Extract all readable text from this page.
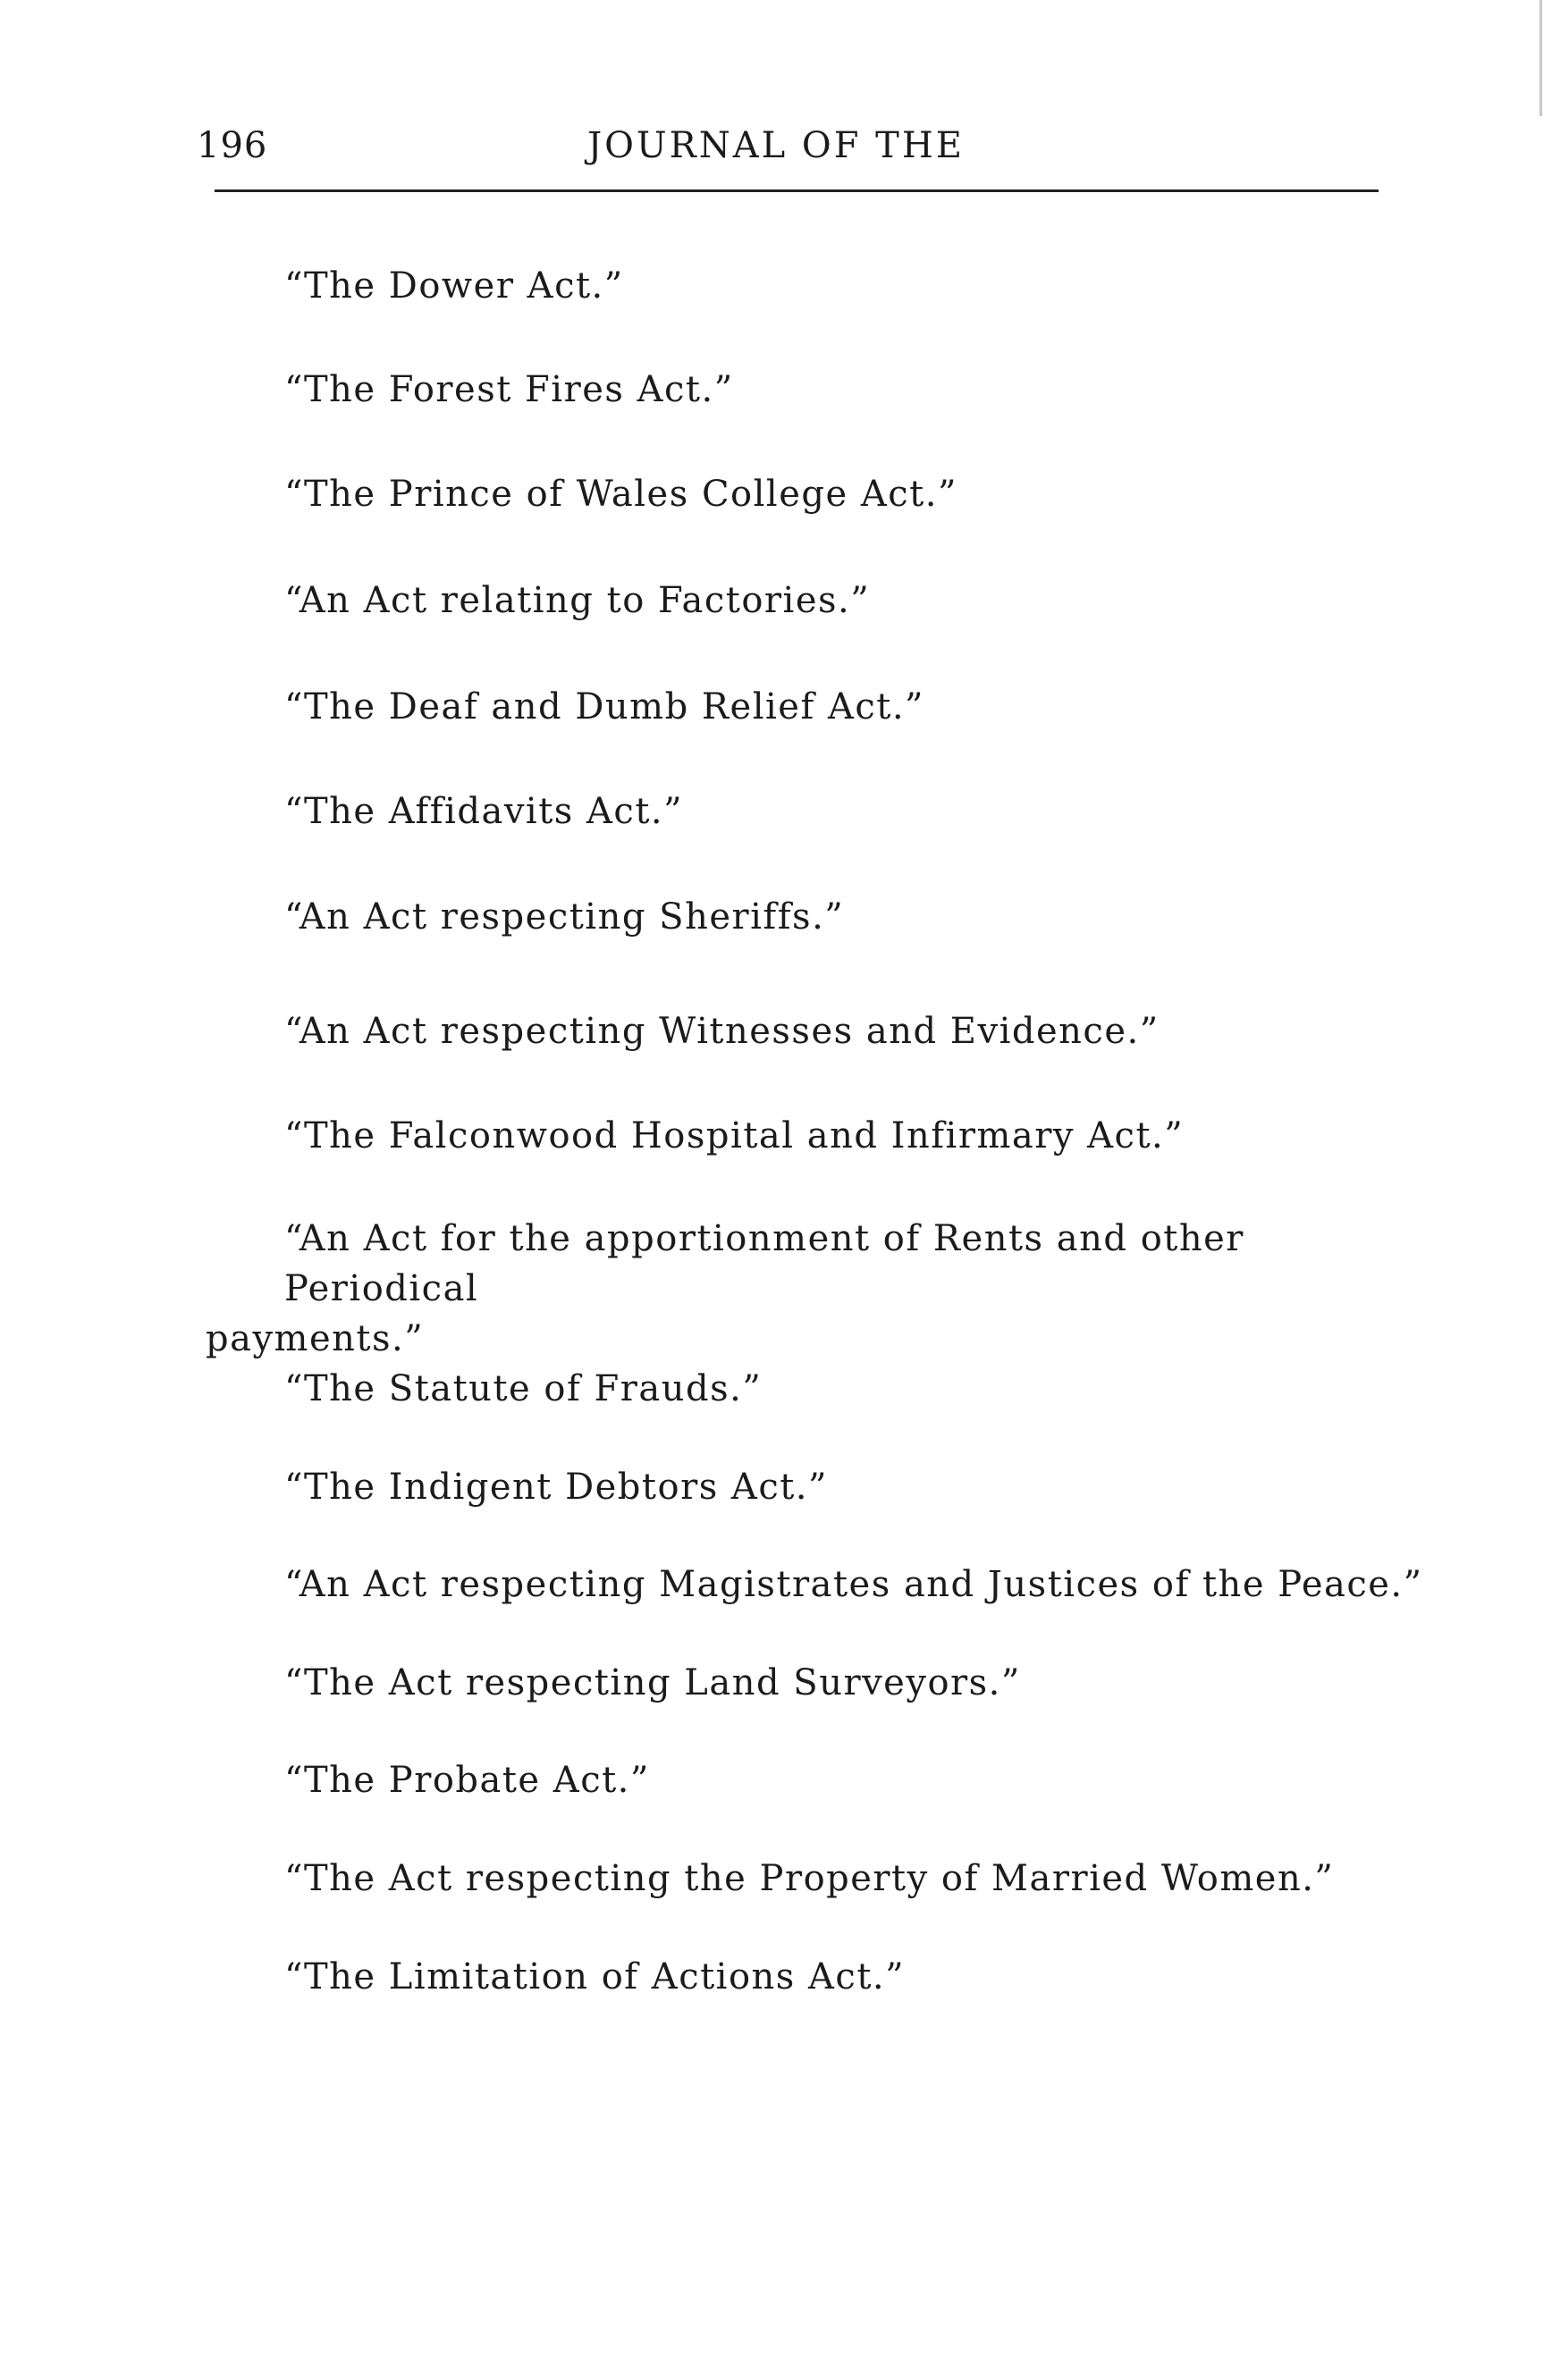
196	JOURNAL OF THE
“The Dower Act.”
“The Forest Fires Act.”
“The Prince of Wales College Act.”
“An Act relating to Factories.”
“The Deaf and Dumb Relief Act.”
“The Affidavits Act.”
“An Act respecting Sheriffs.”
“An Act respecting Witnesses and Evidence.”
“The Falconwood Hospital and Infirmary Act.”
“An Act for the apportionment of Rents and other Periodical
payments.”
“The Statute of Frauds.”
“The Indigent Debtors Act.”
“An Act respecting Magistrates and Justices of the Peace.”
“The Act respecting Land Surveyors.”
“The Probate Act.”
“The Act respecting the Property of Married Women.”
“The Limitation of Actions Act.”
